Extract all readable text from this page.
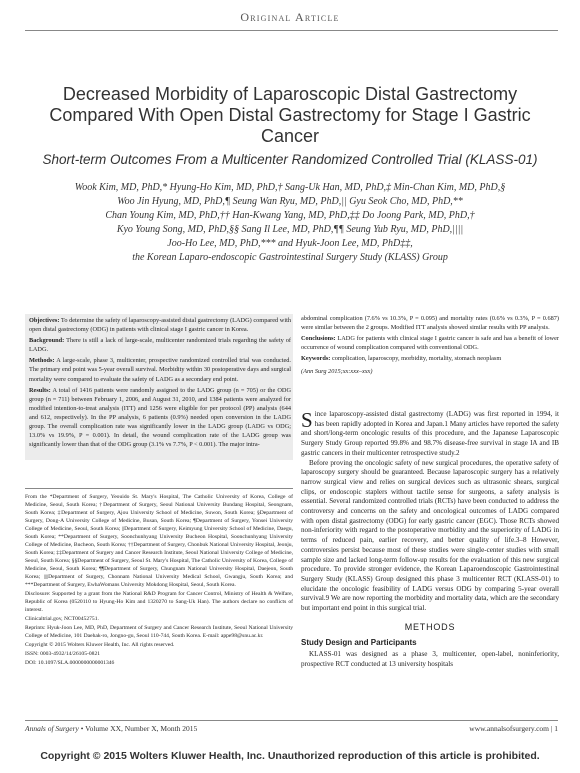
Original Article
Decreased Morbidity of Laparoscopic Distal Gastrectomy Compared With Open Distal Gastrectomy for Stage I Gastric Cancer
Short-term Outcomes From a Multicenter Randomized Controlled Trial (KLASS-01)
Wook Kim, MD, PhD,* Hyung-Ho Kim, MD, PhD,† Sang-Uk Han, MD, PhD,‡ Min-Chan Kim, MD, PhD,§
Woo Jin Hyung, MD, PhD,¶ Seung Wan Ryu, MD, PhD,|| Gyu Seok Cho, MD, PhD,**
Chan Young Kim, MD, PhD,†† Han-Kwang Yang, MD, PhD,‡‡ Do Joong Park, MD, PhD,†
Kyo Young Song, MD, PhD,§§ Sang Il Lee, MD, PhD,¶¶ Seung Yub Ryu, MD, PhD,||||
Joo-Ho Lee, MD, PhD,*** and Hyuk-Joon Lee, MD, PhD‡‡,
the Korean Laparo-endoscopic Gastrointestinal Surgery Study (KLASS) Group

Objectives: To determine the safety of laparoscopy-assisted distal gastrectomy (LADG) compared with open distal gastrectomy (ODG) in patients with clinical stage I gastric cancer in Korea.

Background: There is still a lack of large-scale, multicenter randomized trials regarding the safety of LADG.

Methods: A large-scale, phase 3, multicenter, prospective randomized controlled trial was conducted. The primary end point was 5-year overall survival. Morbidity within 30 postoperative days and surgical mortality were compared to evaluate the safety of LADG as a secondary end point.

Results: A total of 1416 patients were randomly assigned to the LADG group (n = 705) or the ODG group (n = 711) between February 1, 2006, and August 31, 2010, and 1384 patients were analyzed for modified intention-to-treat analysis (ITT) and 1256 were eligible for per protocol (PP) analysis (644 and 612, respectively). In the PP analysis, 6 patients (0.9%) needed open conversion in the LADG group. The overall complication rate was significantly lower in the LADG group (LADG vs ODG; 13.0% vs 19.9%, P = 0.001). In detail, the wound complication rate of the LADG group was significantly lower than that of the ODG group (3.1% vs 7.7%, P < 0.001). The major intra-

abdominal complication (7.6% vs 10.3%, P = 0.095) and mortality rates (0.6% vs 0.3%, P = 0.687) were similar between the 2 groups. Modified ITT analysis showed similar results with PP analysis.

Conclusions: LADG for patients with clinical stage I gastric cancer is safe and has a benefit of lower occurrence of wound complication compared with conventional ODG.

Keywords: complication, laparoscopy, morbidity, mortality, stomach neoplasm

(Ann Surg 2015;xx:xxx–xxx)

From the *Department of Surgery, Yeouido St. Mary's Hospital, The Catholic University of Korea, College of Medicine, Seoul, South Korea; †Department of Surgery, Seoul National University Bundang Hospital, Seongnam, South Korea; ‡Department of Surgery, Ajou University School of Medicine, Suwon, South Korea; §Department of Surgery, Dong-A University College of Medicine, Busan, South Korea; ¶Department of Surgery, Yonsei University College of Medicine, Seoul, South Korea; ||Department of Surgery, Keimyung University School of Medicine, Daegu, South Korea; **Department of Surgery, Soonchunhyang University Bucheon Hospital, Soonchunhyang University College of Medicine, Bucheon, South Korea; ††Department of Surgery, Chonbuk National University Hospital, Jeonju, South Korea; ‡‡Department of Surgery and Cancer Research Institute, Seoul National University College of Medicine, Seoul, South Korea; §§Department of Surgery, Seoul St. Mary's Hospital, The Catholic University of Korea, College of Medicine, Seoul, South Korea; ¶¶Department of Surgery, Chungnam National University Hospital, Daejeon, South Korea; ||||Department of Surgery, Chonnam National University Medical School, Gwangju, South Korea; and ***Department of Surgery, EwhaWomans University Mokdong Hospital, Seoul, South Korea.

Disclosure: Supported by a grant from the National R&D Program for Cancer Control, Ministry of Health & Welfare, Republic of Korea (0520110 to Hyung-Ho Kim and 1320270 to Sang-Uk Han). The authors declare no conflicts of interest.

Clinicaltrial.gov, NCT00452751.

Reprints: Hyuk-Joon Lee, MD, PhD, Department of Surgery and Cancer Research Institute, Seoul National University College of Medicine, 101 Daehak-ro, Jongno-gu, Seoul 110-744, South Korea. E-mail: appe98@snu.ac.kr.

Copyright © 2015 Wolters Kluwer Health, Inc. All rights reserved.

ISSN: 0003-4932/14/26105-0821

DOI: 10.1097/SLA.0000000000001346

Since laparoscopy-assisted distal gastrectomy (LADG) was first reported in 1994, it has been rapidly adopted in Korea and Japan.1 Many articles have reported the safety and short/long-term oncologic results of this procedure, and the Japanese Laparoscopic Surgery Study Group reported 99.8% and 98.7% disease-free survival in stage IA and IB gastric cancers in their multicenter retrospective study.2

Before proving the oncologic safety of new surgical procedures, the operative safety of laparoscopy surgery should be guaranteed. Because laparoscopic surgery has a relatively narrow surgical view and relies on surgical devices such as ultrasonic shears, surgical clips, or endoscopic staplers without tactile sense for surgeons, a safety analysis is essential. Several randomized controlled trials (RCTs) have been conducted to address the controversy and concerns on the safety and oncological outcomes of LADG compared with open distal gastrectomy (ODG) for early gastric cancer (EGC). Those RCTs showed non-inferiority with regard to the postoperative morbidity and the superiority of LADG in terms of reduced pain, earlier recovery, and better quality of life.3–8 However, controversies persist because most of these studies were single-center studies with small sample size and lacked long-term follow-up results for the evaluation of this new surgical procedure. To provide stronger evidence, the Korean Laparoendoscopic Gastrointestinal Surgery Study (KLASS) Group designed this phase 3 multicenter RCT (KLASS-01) to elucidate the oncologic feasibility of LADG versus ODG by comparing 5-year overall survival.9 We are now reporting the morbidity and mortality data, which are the secondary but important end point in this surgical trial.

METHODS
Study Design and Participants

KLASS-01 was designed as a phase 3, multicenter, open-label, noninferiority, prospective RCT conducted at 13 university hospitals

Annals of Surgery • Volume XX, Number X, Month 2015	www.annalsofsurgery.com | 1
Copyright © 2015 Wolters Kluwer Health, Inc. Unauthorized reproduction of this article is prohibited.
